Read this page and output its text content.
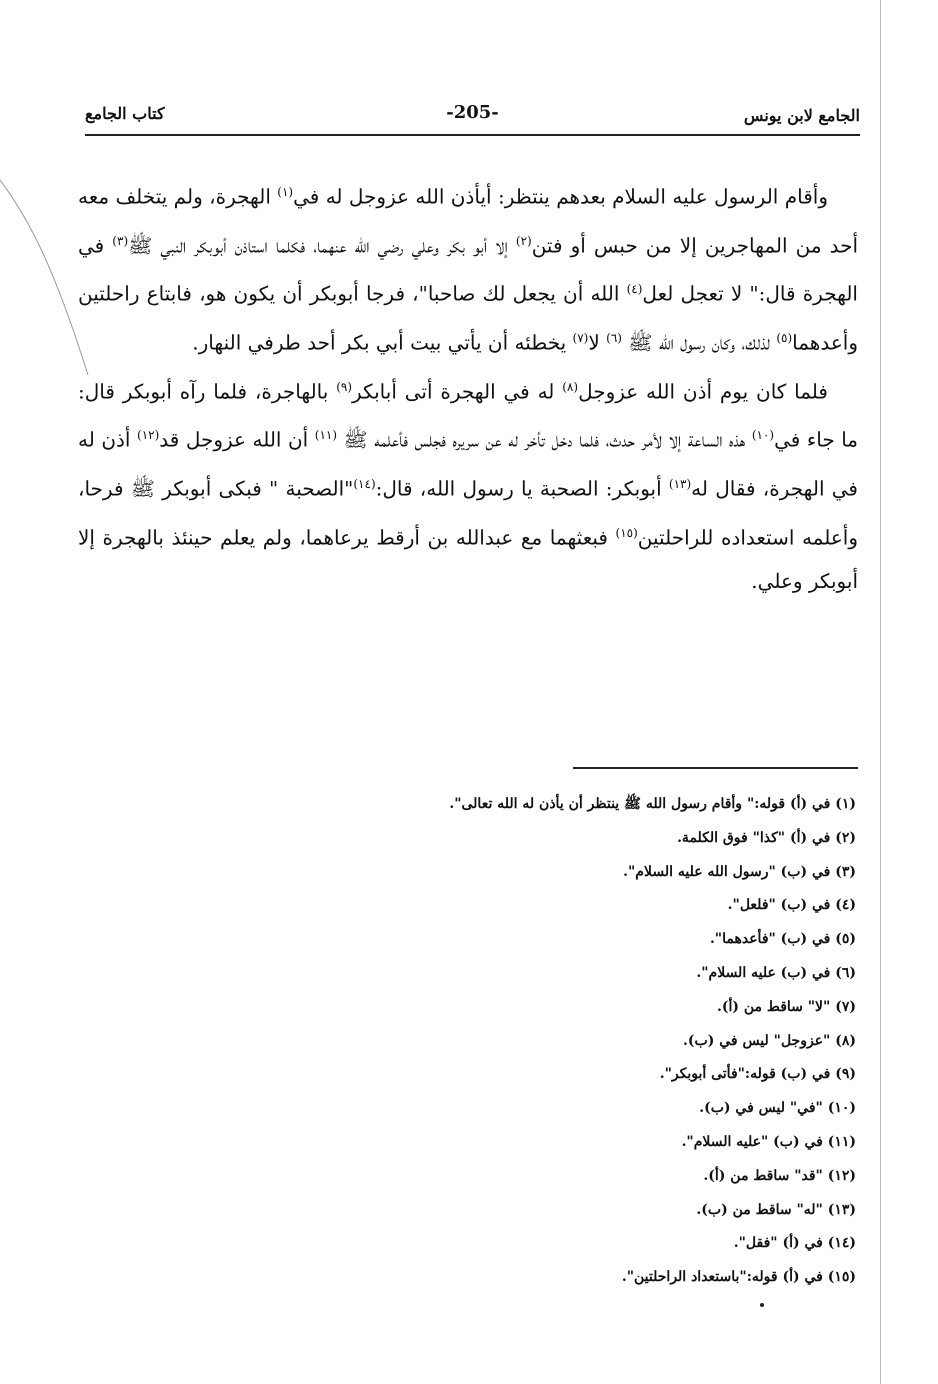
الجامع لابن يونس
-205-
كتاب الجامع

وأقام الرسول عليه السلام بعدهم ينتظر: أيأذن الله عزوجل له في$^{(١)}$ الهجرة، ولم يتخلف معه أحد من المهاجرين إلا من حبس أو فتن$^{(٢)}$ إلا أبو بكر وعلي رضي الله عنهما، فكلما استاذن أبوبكر النبي ﷺ$^{(٣)}$ في الهجرة قال:" لا تعجل لعل$^{(٤)}$ الله أن يجعل لك صاحبا"، فرجا أبوبكر أن يكون هو، فابتاع راحلتين وأعدهما$^{(٥)}$ لذلك، وكان رسول الله ﷺ $^{(٦)}$ لا$^{(٧)}$ يخطئه أن يأتي بيت أبي بكر أحد طرفي النهار.

فلما كان يوم أذن الله عزوجل$^{(٨)}$ له في الهجرة أتى أبابكر$^{(٩)}$ بالهاجرة، فلما رآه أبوبكر قال: ما جاء في$^{(١٠)}$ هذه الساعة إلا لأمر حدث، فلما دخل تأخر له عن سريره فجلس فأعلمه ﷺ $^{(١١)}$ أن الله عزوجل قد$^{(١٢)}$ أذن له في الهجرة، فقال له$^{(١٣)}$ أبوبكر: الصحبة يا رسول الله، قال:$^{(١٤)}$"الصحبة " فبكى أبوبكر ﷺ فرحا، وأعلمه استعداده للراحلتين$^{(١٥)}$ فبعثهما مع عبدالله بن أرقط يرعاهما، ولم يعلم حينئذ بالهجرة إلا أبوبكر وعلي.

(١) في (أ) قوله:" وأقام رسول الله ﷺ ينتظر أن يأذن له الله تعالى".
(٢) في (أ) "كذا" فوق الكلمة.
(٣) في (ب) "رسول الله عليه السلام".
(٤) في (ب) "فلعل".
(٥) في (ب) "فأعدهما".
(٦) في (ب) عليه السلام".
(٧) "لا" ساقط من (أ).
(٨) "عزوجل" ليس في (ب).
(٩) في (ب) قوله:"فأتى أبوبكر".
(١٠) "في" ليس في (ب).
(١١) في (ب) "عليه السلام".
(١٢) "قد" ساقط من (أ).
(١٣) "له" ساقط من (ب).
(١٤) في (أ) "فقل".
(١٥) في (أ) قوله:"باستعداد الراحلتين".
